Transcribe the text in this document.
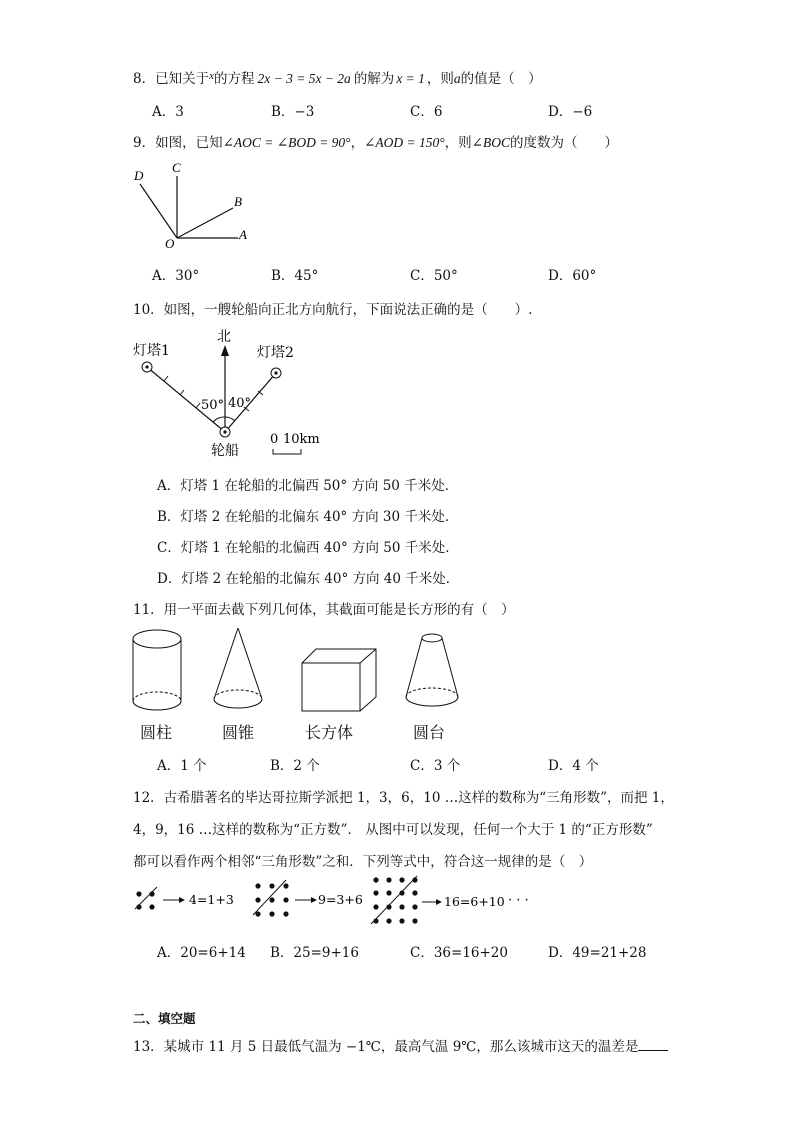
8．已知关于$^x$的方程 2x − 3 = 5x − 2a 的解为 x = 1 ，则a的值是（　）
A．3	B．−3	C．6	D．−6
9．如图，已知∠AOC = ∠BOD = 90°，∠AOD = 150°，则∠BOC的度数为（　　）
D
C
B
O
A
A．30°	B．45°	C．50°	D．60°
10．如图，一艘轮船向正北方向航行，下面说法正确的是（　　）.
北
灯塔1	灯塔2
50° 40°
轮船
0 10km
A．灯塔 1 在轮船的北偏西 50° 方向 50 千米处．
B．灯塔 2 在轮船的北偏东 40° 方向 30 千米处．
C．灯塔 1 在轮船的北偏西 40° 方向 50 千米处．
D．灯塔 2 在轮船的北偏东 40° 方向 40 千米处．
11．用一平面去截下列几何体，其截面可能是长方形的有（　）
圆柱	圆锥	长方体	圆台
A．1 个	B．2 个	C．3 个	D．4 个
12．古希腊著名的毕达哥拉斯学派把 1，3，6，10 …这样的数称为“三角形数”，而把 1，
4，9，16 …这样的数称为“正方数”． 从图中可以发现，任何一个大于 1 的“正方形数”
都可以看作两个相邻“三角形数”之和．下列等式中，符合这一规律的是（　）
4=1+3	9=3+6	16=6+10 · · ·
A．20=6+14 B．25=9+16	C．36=16+20	D．49=21+28
二、填空题
13．某城市 11 月 5 日最低气温为 −1℃，最高气温 9℃，那么该城市这天的温差是
